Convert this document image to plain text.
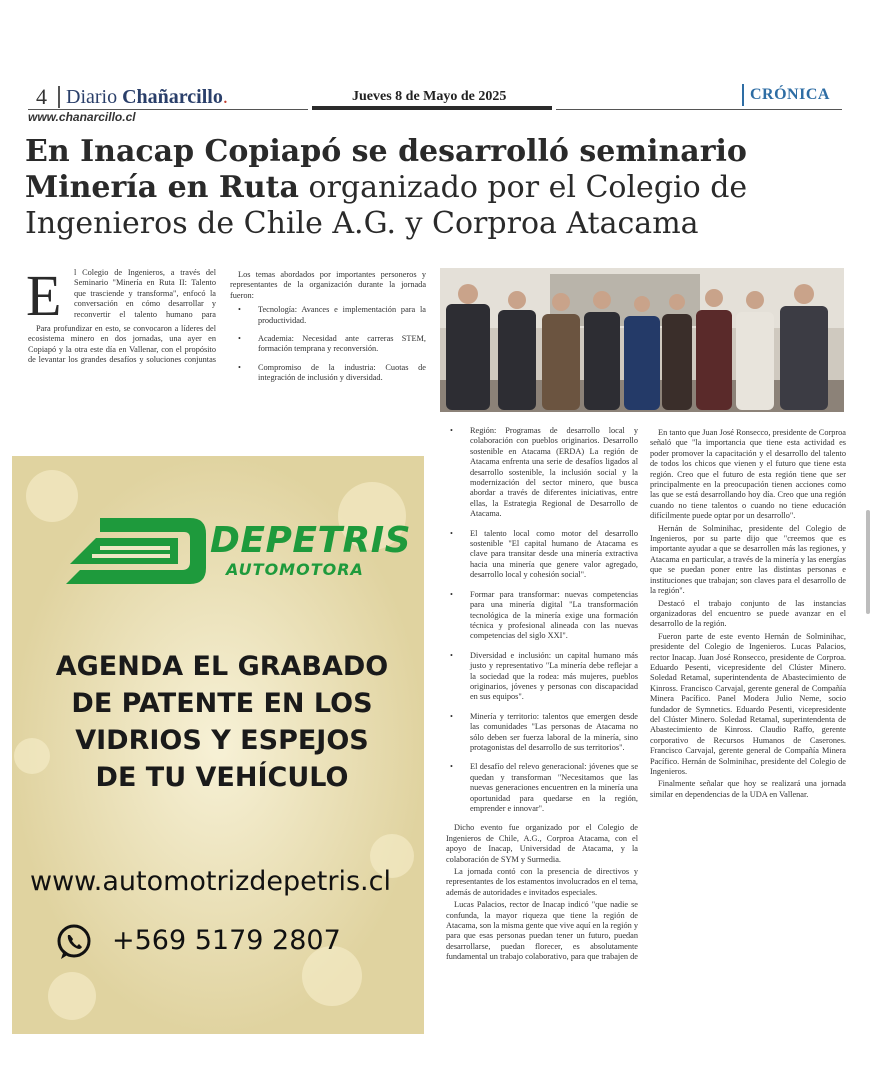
4 Diario Chañarcillo.	Jueves 8 de Mayo de 2025	CRÓNICA
www.chanarcillo.cl
En Inacap Copiapó se desarrolló seminario Minería en Ruta organizado por el Colegio de Ingenieros de Chile A.G. y Corproa Atacama
E l Colegio de Ingenieros, a través del Seminario "Minería en Ruta II: Talento que trasciende y transforma", enfocó la conversación en cómo desarrollar y reconvertir el talento humano para

Para profundizar en esto, se convocaron a líderes del ecosistema minero en dos jornadas, una ayer en Copiapó y la otra este día en Vallenar, con el propósito de levantar los grandes desafíos y soluciones conjuntas

Los temas abordados por importantes personeros y representantes de la organización durante la jornada fueron:

• Tecnología: Avances e implementación para la productividad.
• Academia: Necesidad ante carreras STEM, formación temprana y reconversión.
• Compromiso de la industria: Cuotas de integración de inclusión y diversidad.
• Región: Programas de desarrollo local y colaboración con pueblos originarios. Desarrollo sostenible en Atacama (ERDA) La región de Atacama enfrenta una serie de desafíos ligados al desarrollo sostenible, la inclusión social y la modernización del sector minero, que busca abordar a través de diferentes iniciativas, entre ellas, la Estrategia Regional de Desarrollo de Atacama.
• El talento local como motor del desarrollo sostenible "El capital humano de Atacama es clave para transitar desde una minería extractiva hacia una minería que genere valor agregado, desarrollo local y cohesión social".
• Formar para transformar: nuevas competencias para una minería digital "La transformación tecnológica de la minería exige una formación técnica y profesional alineada con las nuevas competencias del siglo XXI".
• Diversidad e inclusión: un capital humano más justo y representativo "La minería debe reflejar a la sociedad que la rodea: más mujeres, pueblos originarios, jóvenes y personas con discapacidad en sus equipos".
• Minería y territorio: talentos que emergen desde las comunidades "Las personas de Atacama no sólo deben ser fuerza laboral de la minería, sino protagonistas del desarrollo de sus territorios".
• El desafío del relevo generacional: jóvenes que se quedan y transforman "Necesitamos que las nuevas generaciones encuentren en la minería una oportunidad para quedarse en la región, emprender e innovar".

Dicho evento fue organizado por el Colegio de Ingenieros de Chile, A.G., Corproa Atacama, con el apoyo de Inacap, Universidad de Atacama, y la colaboración de SYM y Surmedia.

La jornada contó con la presencia de directivos y representantes de los estamentos involucrados en el tema, además de autoridades e invitados especiales.

Lucas Palacios, rector de Inacap indicó "que nadie se confunda, la mayor riqueza que tiene la región de Atacama, son la misma gente que vive aquí en la región y para que esas personas puedan tener un futuro, puedan desarrollarse, puedan florecer, es absolutamente fundamental un trabajo colaborativo, para que trabajen de

En tanto que Juan José Ronsecco, presidente de Corproa señaló que "la importancia que tiene esta actividad es poder promover la capacitación y el desarrollo del talento de todos los chicos que vienen y el futuro que tiene esta región. Creo que el futuro de esta región tiene que ser principalmente en la preocupación tienen acciones como las que se está desarrollando hoy día. Creo que una región cuando no tiene talentos o cuando no tiene educación difícilmente puede optar por un desarrollo".

Hernán de Solminihac, presidente del Colegio de Ingenieros, por su parte dijo que "creemos que es importante ayudar a que se desarrollen más las regiones, y Atacama en particular, a través de la minería y las energías que se puedan poner entre las distintas personas e instituciones que trabajan; son claves para el desarrollo de la región".

Destacó el trabajo conjunto de las instancias organizadoras del encuentro se puede avanzar en el desarrollo de la región.

Fueron parte de este evento Hernán de Solminihac, presidente del Colegio de Ingenieros. Lucas Palacios, rector Inacap. Juan José Ronsecco, presidente de Corproa. Eduardo Pesenti, vicepresidente del Clúster Minero. Soledad Retamal, superintendenta de Abastecimiento de Kinross. Francisco Carvajal, gerente general de Compañía Minera Pacífico. Panel Modera Julio Neme, socio fundador de Symnetics. Eduardo Pesenti, vicepresidente del Clúster Minero. Soledad Retamal, superintendenta de Abastecimiento de Kinross. Claudio Raffo, gerente corporativo de Recursos Humanos de Caserones. Francisco Carvajal, gerente general de Compañía Minera Pacífico. Hernán de Solminihac, presidente del Colegio de Ingenieros.

Finalmente señalar que hoy se realizará una jornada similar en dependencias de la UDA en Vallenar.

DEPETRIS
AUTOMOTORA
AGENDA EL GRABADO
DE PATENTE EN LOS
VIDRIOS Y ESPEJOS
DE TU VEHÍCULO
www.automotrizdepetris.cl
+569 5179 2807
